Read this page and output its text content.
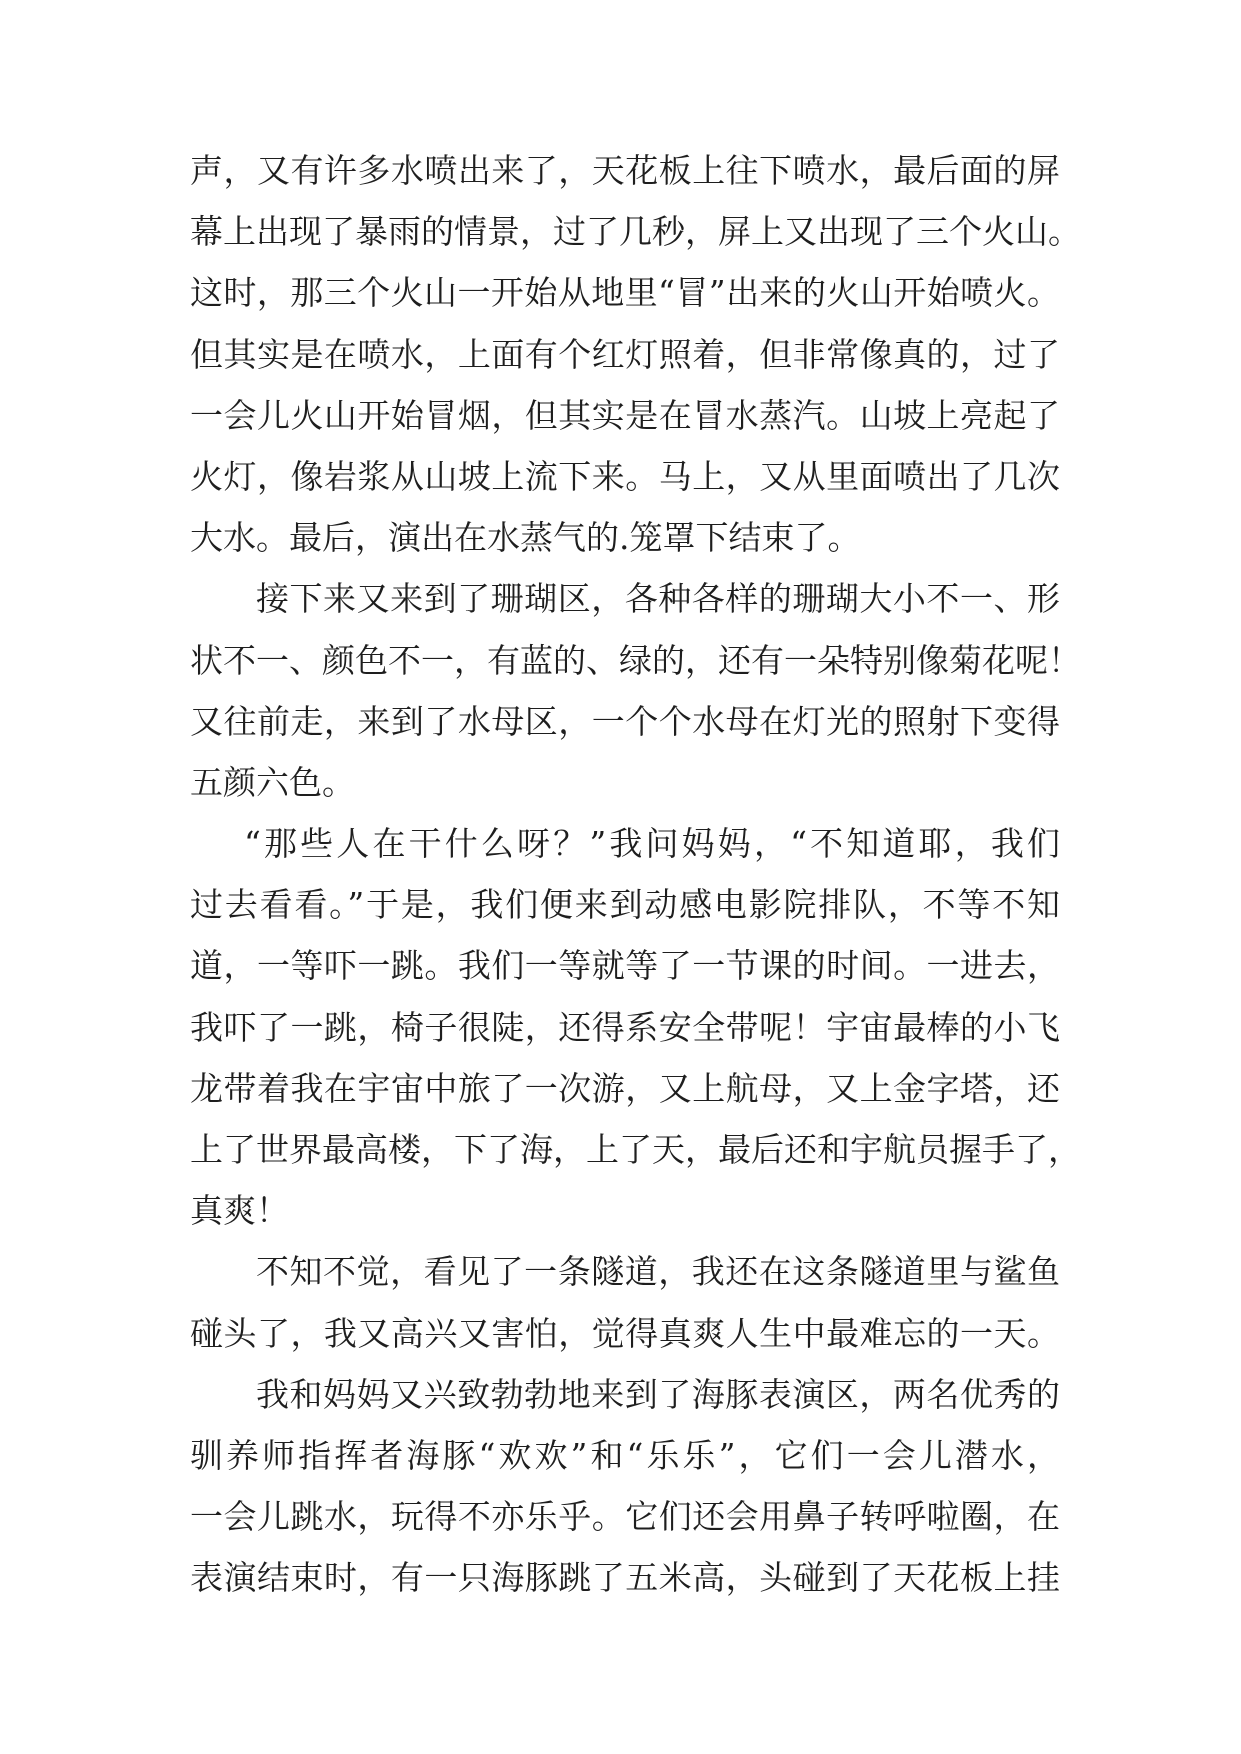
声，又有许多水喷出来了，天花板上往下喷水，最后面的屏
幕上出现了暴雨的情景，过了几秒，屏上又出现了三个火山。
这时，那三个火山一开始从地里“冒”出来的火山开始喷火。
但其实是在喷水，上面有个红灯照着，但非常像真的，过了
一会儿火山开始冒烟，但其实是在冒水蒸汽。山坡上亮起了
火灯，像岩浆从山坡上流下来。马上，又从里面喷出了几次
大水。最后，演出在水蒸气的.笼罩下结束了。
接下来又来到了珊瑚区，各种各样的珊瑚大小不一、形
状不一、颜色不一，有蓝的、绿的，还有一朵特别像菊花呢！
又往前走，来到了水母区，一个个水母在灯光的照射下变得
五颜六色。
“那些人在干什么呀？”我问妈妈，“不知道耶，我们
过去看看。”于是，我们便来到动感电影院排队，不等不知
道，一等吓一跳。我们一等就等了一节课的时间。一进去，
我吓了一跳，椅子很陡，还得系安全带呢！宇宙最棒的小飞
龙带着我在宇宙中旅了一次游，又上航母，又上金字塔，还
上了世界最高楼，下了海，上了天，最后还和宇航员握手了，
真爽！
不知不觉，看见了一条隧道，我还在这条隧道里与鲨鱼
碰头了，我又高兴又害怕，觉得真爽人生中最难忘的一天。
我和妈妈又兴致勃勃地来到了海豚表演区，两名优秀的
驯养师指挥者海豚“欢欢”和“乐乐”，它们一会儿潜水，
一会儿跳水，玩得不亦乐乎。它们还会用鼻子转呼啦圈，在
表演结束时，有一只海豚跳了五米高，头碰到了天花板上挂
